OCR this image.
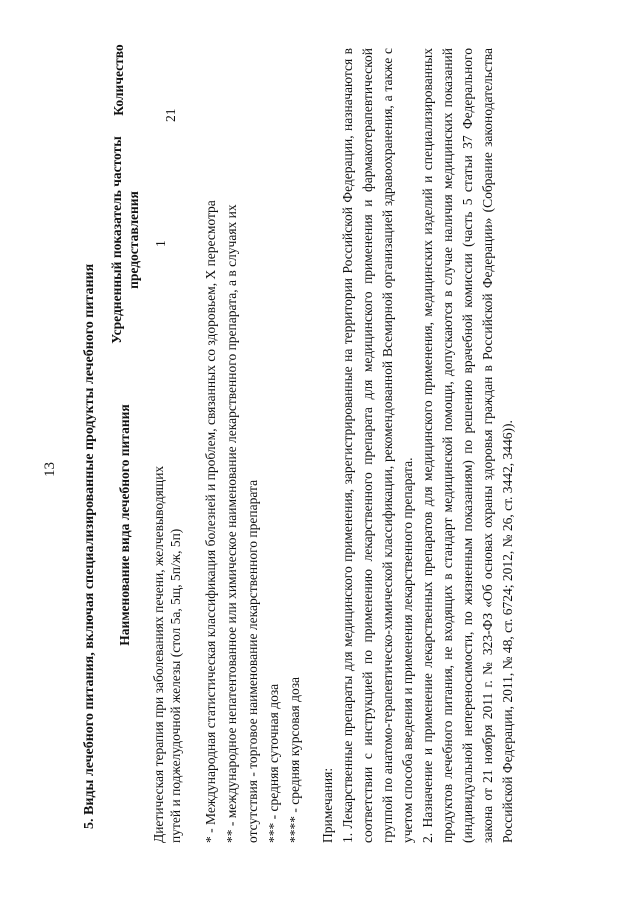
13 5. Виды лечебного питания, включая специализированные продукты лечебного питания Наименование вида лечебного питания
Усредненный показатель частоты предоставления
Количество
Диетическая терапия при заболеваниях печени, желчевыводящих путей и поджелудочной железы (стол 5а, 5щ, 5п/ж, 5п)
1
21
* - Международная статистическая классификация болезней и проблем, связанных со здоровьем, X пересмотра ** - международное непатентованное или химическое наименование лекарственного препарата, а в случаях их отсутствия - торговое наименование лекарственного препарата *** - средняя суточная доза **** - средняя курсовая доза Примечания: 1. Лекарственные препараты для медицинского применения, зарегистрированные на территории Российской Федерации, назначаются в соответствии с инструкцией по применению лекарственного препарата для медицинского применения и фармакотерапевтической группой по анатомо-терапевтическо-химической классификации, рекомендованной Всемирной организацией здравоохранения, а также с учетом способа введения и применения лекарственного препарата. 2. Назначение и применение лекарственных препаратов для медицинского применения, медицинских изделий и специализированных продуктов лечебного питания, не входящих в стандарт медицинской помощи, допускаются в случае наличия медицинских показаний (индивидуальной непереносимости, по жизненным показаниям) по решению врачебной комиссии (часть 5 статьи 37 Федерального закона от 21 ноября 2011 г. № 323-ФЗ «Об основах охраны здоровья граждан в Российской Федерации» (Собрание законодательства Российской Федерации, 2011, № 48, ст. 6724; 2012, № 26, ст. 3442, 3446)).
